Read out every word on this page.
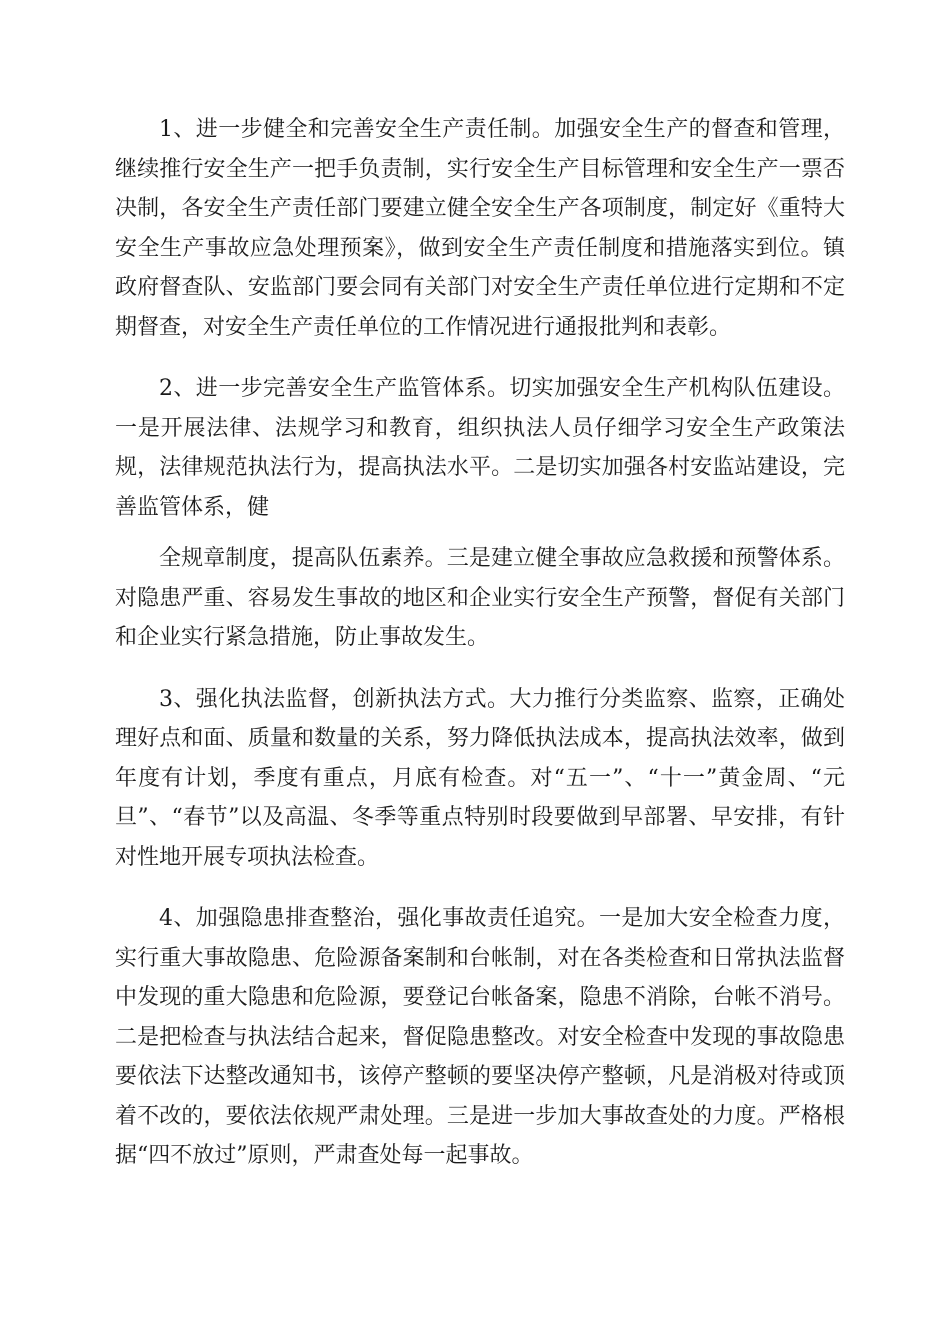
1、进一步健全和完善安全生产责任制。加强安全生产的督查和管理，继续推行安全生产一把手负责制，实行安全生产目标管理和安全生产一票否决制，各安全生产责任部门要建立健全安全生产各项制度，制定好《重特大安全生产事故应急处理预案》，做到安全生产责任制度和措施落实到位。镇政府督查队、安监部门要会同有关部门对安全生产责任单位进行定期和不定期督查，对安全生产责任单位的工作情况进行通报批判和表彰。

2、进一步完善安全生产监管体系。切实加强安全生产机构队伍建设。一是开展法律、法规学习和教育，组织执法人员仔细学习安全生产政策法规，法律规范执法行为，提高执法水平。二是切实加强各村安监站建设，完善监管体系，健

全规章制度，提高队伍素养。三是建立健全事故应急救援和预警体系。对隐患严重、容易发生事故的地区和企业实行安全生产预警，督促有关部门和企业实行紧急措施，防止事故发生。

3、强化执法监督，创新执法方式。大力推行分类监察、监察，正确处理好点和面、质量和数量的关系，努力降低执法成本，提高执法效率，做到年度有计划，季度有重点，月底有检查。对“五一”、“十一”黄金周、“元旦”、“春节”以及高温、冬季等重点特别时段要做到早部署、早安排，有针对性地开展专项执法检查。

4、加强隐患排查整治，强化事故责任追究。一是加大安全检查力度，实行重大事故隐患、危险源备案制和台帐制，对在各类检查和日常执法监督中发现的重大隐患和危险源，要登记台帐备案，隐患不消除，台帐不消号。二是把检查与执法结合起来，督促隐患整改。对安全检查中发现的事故隐患要依法下达整改通知书，该停产整顿的要坚决停产整顿，凡是消极对待或顶着不改的，要依法依规严肃处理。三是进一步加大事故查处的力度。严格根据“四不放过”原则，严肃查处每一起事故。
